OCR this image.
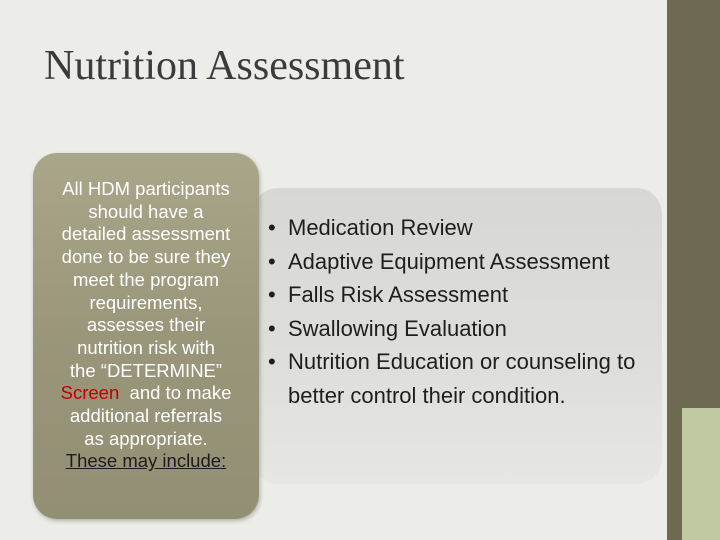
Nutrition Assessment
• Medication Review
• Adaptive Equipment Assessment
• Falls Risk Assessment
• Swallowing Evaluation
• Nutrition Education or counseling to better control their condition.
All HDM participants
should have a
detailed assessment
done to be sure they
meet the program
requirements,
assesses their
nutrition risk with
the “DETERMINE”
Screen  and to make
additional referrals
as appropriate.
These may include:
